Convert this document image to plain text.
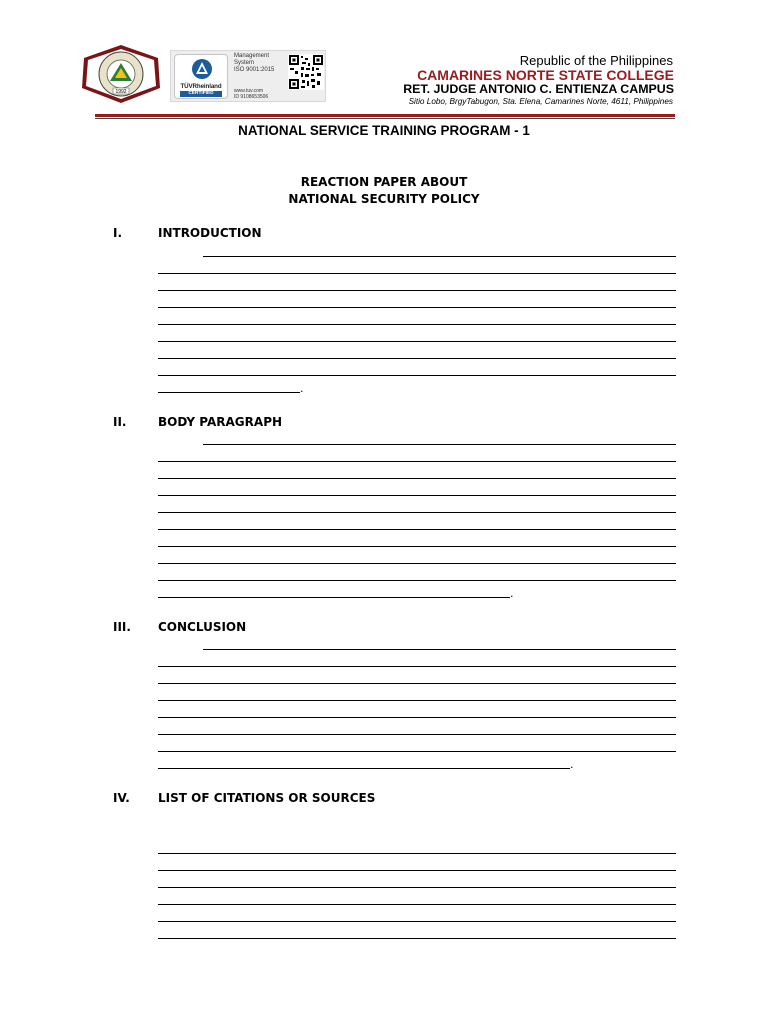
1992
TÜVRheinland
CERTIFIED
Management
System
ISO 9001:2015
www.tuv.com
ID 9108653506
Republic of the Philippines
CAMARINES NORTE STATE COLLEGE
RET. JUDGE ANTONIO C. ENTIENZA CAMPUS
Sitio Lobo, BrgyTabugon, Sta. Elena, Camarines Norte, 4611, Philippines
NATIONAL SERVICE TRAINING PROGRAM - 1
REACTION PAPER ABOUT
NATIONAL SECURITY POLICY
I.	INTRODUCTION
.
II.	BODY PARAGRAPH
.
III. CONCLUSION
.
IV. LIST OF CITATIONS OR SOURCES
